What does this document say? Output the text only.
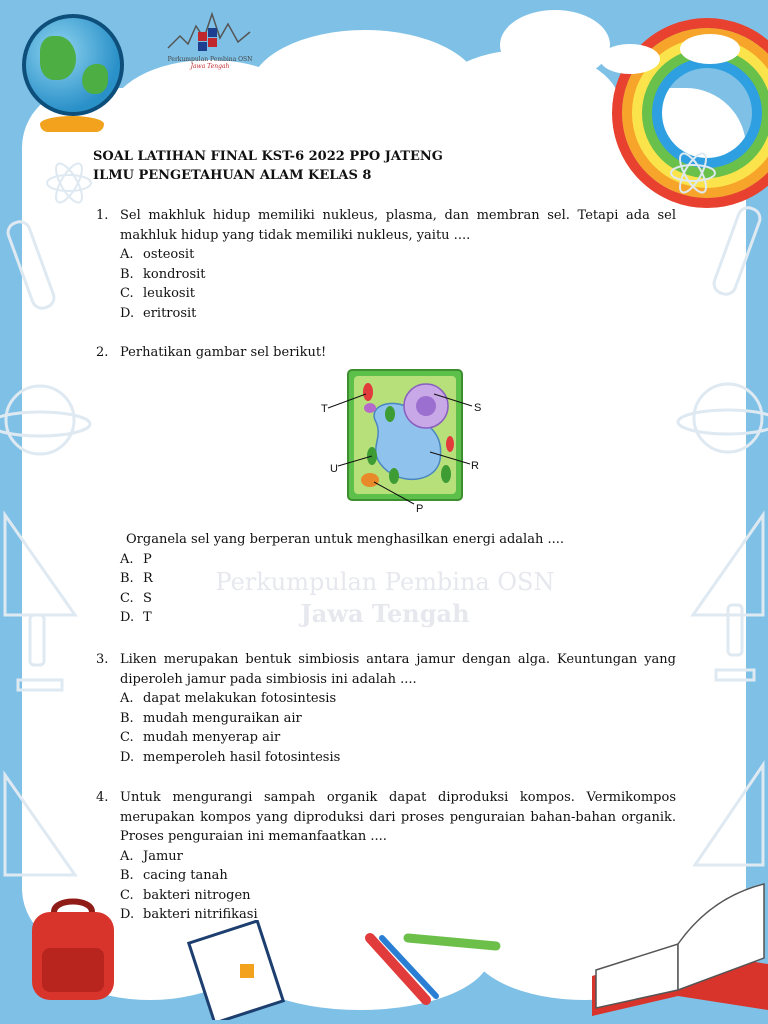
Perkumpulan Pembina OSN
Jawa Tengah
Perkumpulan Pembina OSN
Jawa Tengah
SOAL LATIHAN FINAL KST-6 2022 PPO JATENG
ILMU PENGETAHUAN ALAM KELAS 8
1. Sel makhluk hidup memiliki nukleus, plasma, dan membran sel. Tetapi ada sel makhluk hidup yang tidak memiliki nukleus, yaitu ....
A. osteosit
B. kondrosit
C. leukosit
D. eritrosit
2. Perhatikan gambar sel berikut!
T	S
U	R
P
Organela sel yang berperan untuk menghasilkan energi adalah ....
A. P
B. R
C. S
D. T
3. Liken merupakan bentuk simbiosis antara jamur dengan alga. Keuntungan yang diperoleh jamur pada simbiosis ini adalah ....
A. dapat melakukan fotosintesis
B. mudah menguraikan air
C. mudah menyerap air
D. memperoleh hasil fotosintesis
4. Untuk mengurangi sampah organik dapat diproduksi kompos. Vermikompos merupakan kompos yang diproduksi dari proses penguraian bahan-bahan organik. Proses penguraian ini memanfaatkan ....
A. Jamur
B. cacing tanah
C. bakteri nitrogen
D. bakteri nitrifikasi
